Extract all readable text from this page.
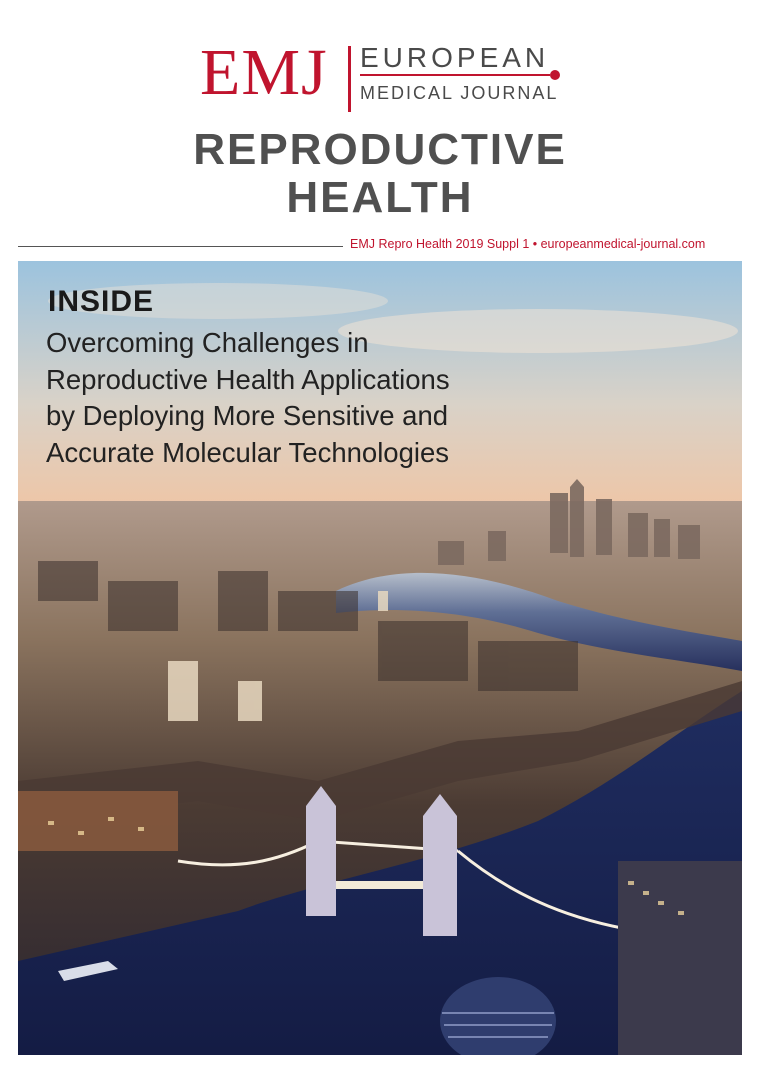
EMJ EUROPEAN
MEDICAL JOURNAL
REPRODUCTIVE
HEALTH
EMJ Repro Health 2019 Suppl 1 • europeanmedical-journal.com
INSIDE
Overcoming Challenges in
Reproductive Health Applications
by Deploying More Sensitive and
Accurate Molecular Technologies
